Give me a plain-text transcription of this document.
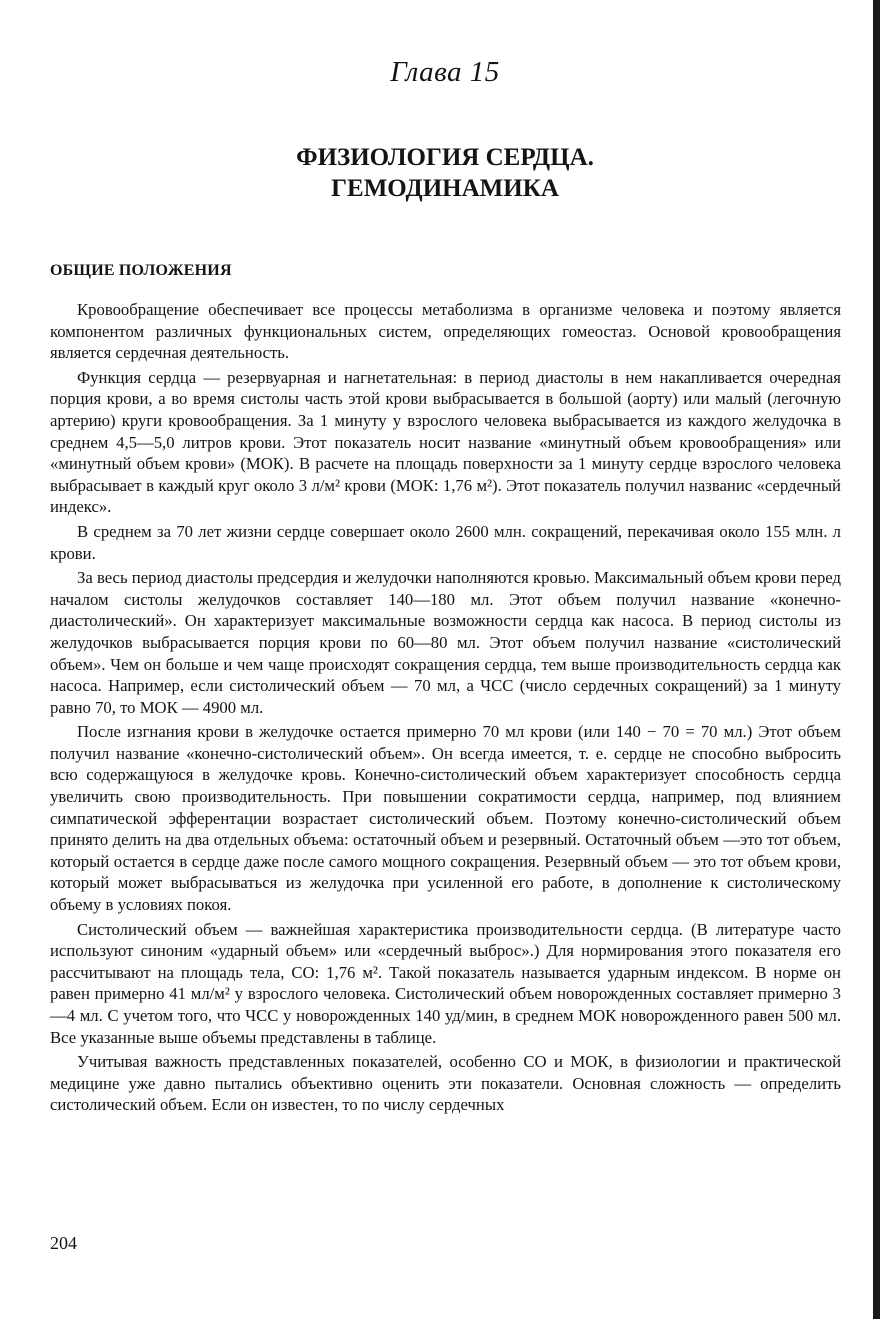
Глава 15
ФИЗИОЛОГИЯ СЕРДЦА.
ГЕМОДИНАМИКА
ОБЩИЕ ПОЛОЖЕНИЯ

Кровообращение обеспечивает все процессы метаболизма в организме человека и поэтому является компонентом различных функциональных систем, определяющих гомеостаз. Основой кровообращения является сердечная деятельность.

Функция сердца — резервуарная и нагнетательная: в период диастолы в нем накапливается очередная порция крови, а во время систолы часть этой крови выбрасывается в большой (аорту) или малый (легочную артерию) круги кровообращения. За 1 минуту у взрослого человека выбрасывается из каждого желудочка в среднем 4,5—5,0 литров крови. Этот показатель носит название «минутный объем кровообращения» или «минутный объем крови» (МОК). В расчете на площадь поверхности за 1 минуту сердце взрослого человека выбрасывает в каждый круг около 3 л/м² крови (МОК: 1,76 м²). Этот показатель получил названис «сердечный индекс».

В среднем за 70 лет жизни сердце совершает около 2600 млн. сокращений, перекачивая около 155 млн. л крови.

За весь период диастолы предсердия и желудочки наполняются кровью. Максимальный объем крови перед началом систолы желудочков составляет 140—180 мл. Этот объем получил название «конечно-диастолический». Он характеризует максимальные возможности сердца как насоса. В период систолы из желудочков выбрасывается порция крови по 60—80 мл. Этот объем получил название «систолический объем». Чем он больше и чем чаще происходят сокращения сердца, тем выше производительность сердца как насоса. Например, если систолический объем — 70 мл, а ЧСС (число сердечных сокращений) за 1 минуту равно 70, то МОК — 4900 мл.

После изгнания крови в желудочке остается примерно 70 мл крови (или 140 − 70 = 70 мл.) Этот объем получил название «конечно-систолический объем». Он всегда имеется, т. е. сердце не способно выбросить всю содержащуюся в желудочке кровь. Конечно-систолический объем характеризует способность сердца увеличить свою производительность. При повышении сократимости сердца, например, под влиянием симпатической эфферентации возрастает систолический объем. Поэтому конечно-систолический объем принято делить на два отдельных объема: остаточный объем и резервный. Остаточный объем —это тот объем, который остается в сердце даже после самого мощного сокращения. Резервный объем — это тот объем крови, который может выбрасываться из желудочка при усиленной его работе, в дополнение к систолическому объему в условиях покоя.

Систолический объем — важнейшая характеристика производительности сердца. (В литературе часто используют синоним «ударный объем» или «сердечный выброс».) Для нормирования этого показателя его рассчитывают на площадь тела, СО: 1,76 м². Такой показатель называется ударным индексом. В норме он равен примерно 41 мл/м² у взрослого человека. Систолический объем новорожденных составляет примерно 3—4 мл. С учетом того, что ЧСС у новорожденных 140 уд/мин, в среднем МОК новорожденного равен 500 мл. Все указанные выше объемы представлены в таблице.

Учитывая важность представленных показателей, особенно СО и МОК, в физиологии и практической медицине уже давно пытались объективно оценить эти показатели. Основная сложность — определить систолический объем. Если он известен, то по числу сердечных

204
